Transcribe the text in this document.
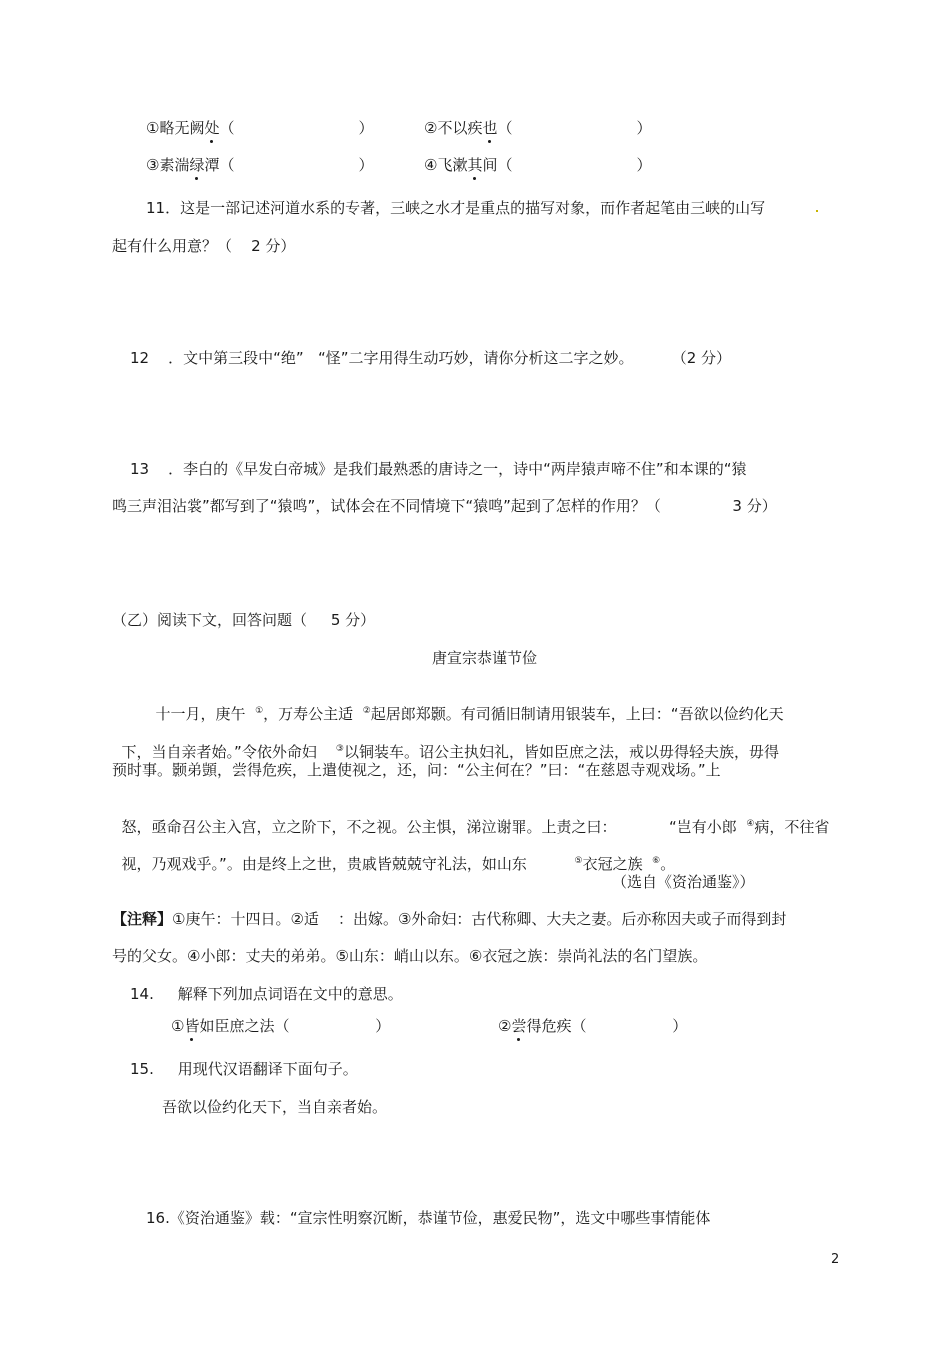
①略无阙处（                          ）	②不以疾也（                          ）
③素湍绿潭（                          ）	④飞漱其间（                          ）
11．这是一部记述河道水系的专著，三峡之水才是重点的描写对象，而作者起笔由三峡的山写
起有什么用意？（    2 分）
12    ．文中第三段中“绝”   “怪”二字用得生动巧妙，请你分析这二字之妙。        （2 分）
13    ．李白的《早发白帝城》是我们最熟悉的唐诗之一，诗中“两岸猿声啼不住”和本课的“猿
鸣三声泪沾裳”都写到了“猿鸣”，试体会在不同情境下“猿鸣”起到了怎样的作用？（               3 分）
（乙）阅读下文，回答问题（     5 分）
唐宣宗恭谨节俭

十一月，庚午  ①，万寿公主适  ②起居郎郑颢。有司循旧制请用银装车，上曰：“吾欲以俭约化天

下，当自亲者始。”令依外命妇    ③以铜装车。诏公主执妇礼，皆如臣庶之法，戒以毋得轻夫族，毋得

预时事。颢弟顗，尝得危疾，上遣使视之，还，问：“公主何在？”曰：“在慈恩寺观戏场。”上

怒，亟命召公主入宫，立之阶下，不之视。公主惧，涕泣谢罪。上责之曰：           “岂有小郎  ④病，不往省

视，乃观戏乎。”。由是终上之世，贵戚皆兢兢守礼法，如山东          ⑤衣冠之族  ⑥。

（选自《资治通鉴》）
【注释】①庚午：十四日。②适    ：出嫁。③外命妇：古代称卿、大夫之妻。后亦称因夫或子而得到封
号的父女。④小郎：丈夫的弟弟。⑤山东：峭山以东。⑥衣冠之族：崇尚礼法的名门望族。
14.     解释下列加点词语在文中的意思。
①皆如臣庶之法（                  ）	②尝得危疾（                  ）
15.     用现代汉语翻译下面句子。
吾欲以俭约化天下，当自亲者始。
16.《资治通鉴》载：“宣宗性明察沉断，恭谨节俭，惠爱民物”，选文中哪些事情能体
2
